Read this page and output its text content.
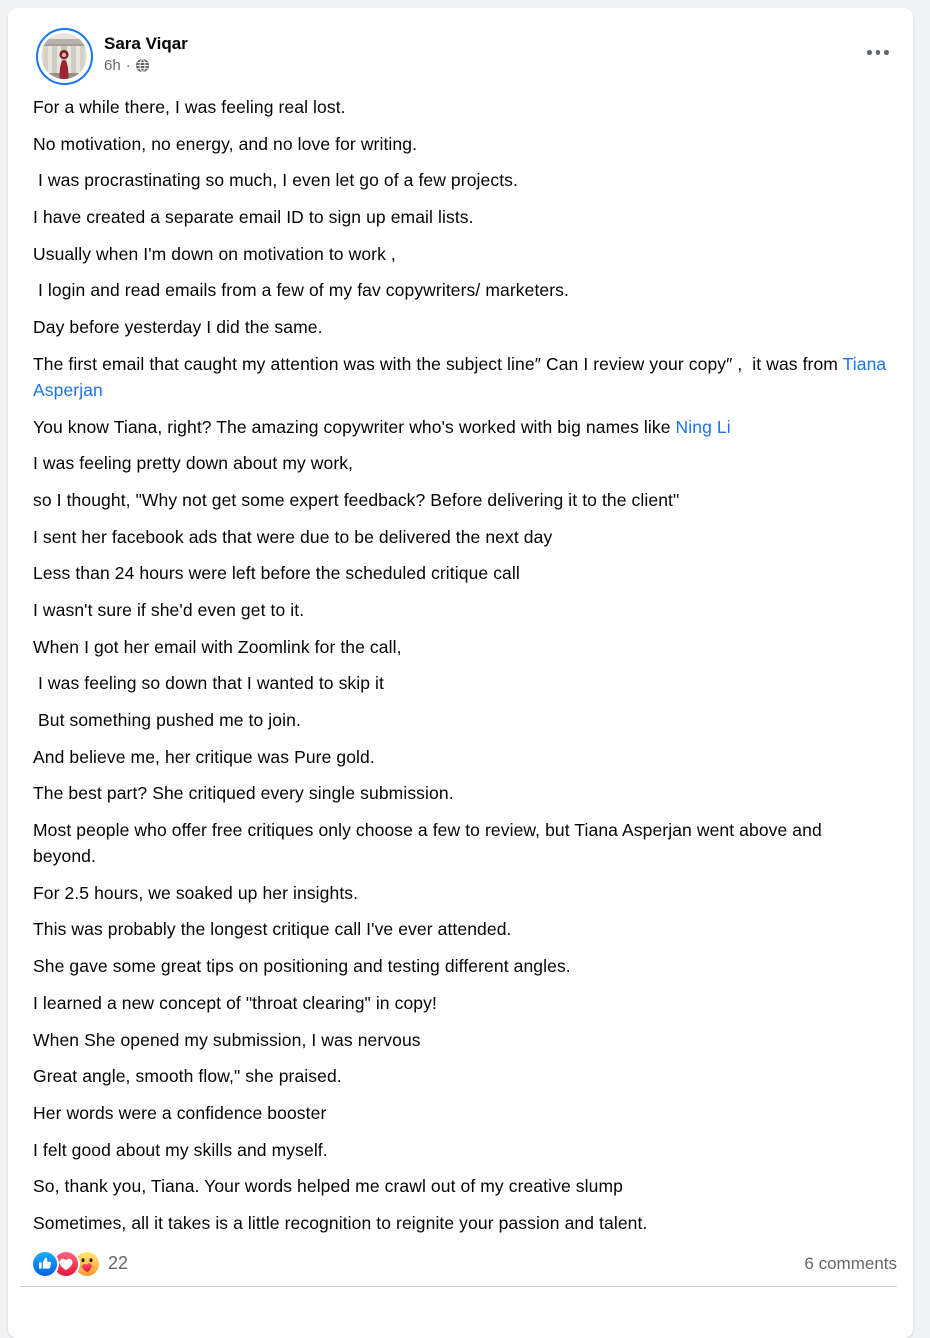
Sara Viqar
6h ·

For a while there, I was feeling real lost.

No motivation, no energy, and no love for writing.

I was procrastinating so much, I even let go of a few projects.

I have created a separate email ID to sign up email lists.

Usually when I'm down on motivation to work ,

I login and read emails from a few of my fav copywriters/ marketers.

Day before yesterday I did the same.

The first email that caught my attention was with the subject line″ Can I review your copy″ ,  it was from Tiana Asperjan

You know Tiana, right? The amazing copywriter who's worked with big names like Ning Li

I was feeling pretty down about my work,

so I thought, "Why not get some expert feedback? Before delivering it to the client"

I sent her facebook ads that were due to be delivered the next day

Less than 24 hours were left before the scheduled critique call

I wasn't sure if she'd even get to it.

When I got her email with Zoomlink for the call,

I was feeling so down that I wanted to skip it

But something pushed me to join.

And believe me, her critique was Pure gold.

The best part? She critiqued every single submission.

Most people who offer free critiques only choose a few to review, but Tiana Asperjan went above and beyond.

For 2.5 hours, we soaked up her insights.

This was probably the longest critique call I've ever attended.

She gave some great tips on positioning and testing different angles.

I learned a new concept of "throat clearing" in copy!

When She opened my submission, I was nervous

Great angle, smooth flow," she praised.

Her words were a confidence booster

I felt good about my skills and myself.

So, thank you, Tiana. Your words helped me crawl out of my creative slump

Sometimes, all it takes is a little recognition to reignite your passion and talent.

22	6 comments
